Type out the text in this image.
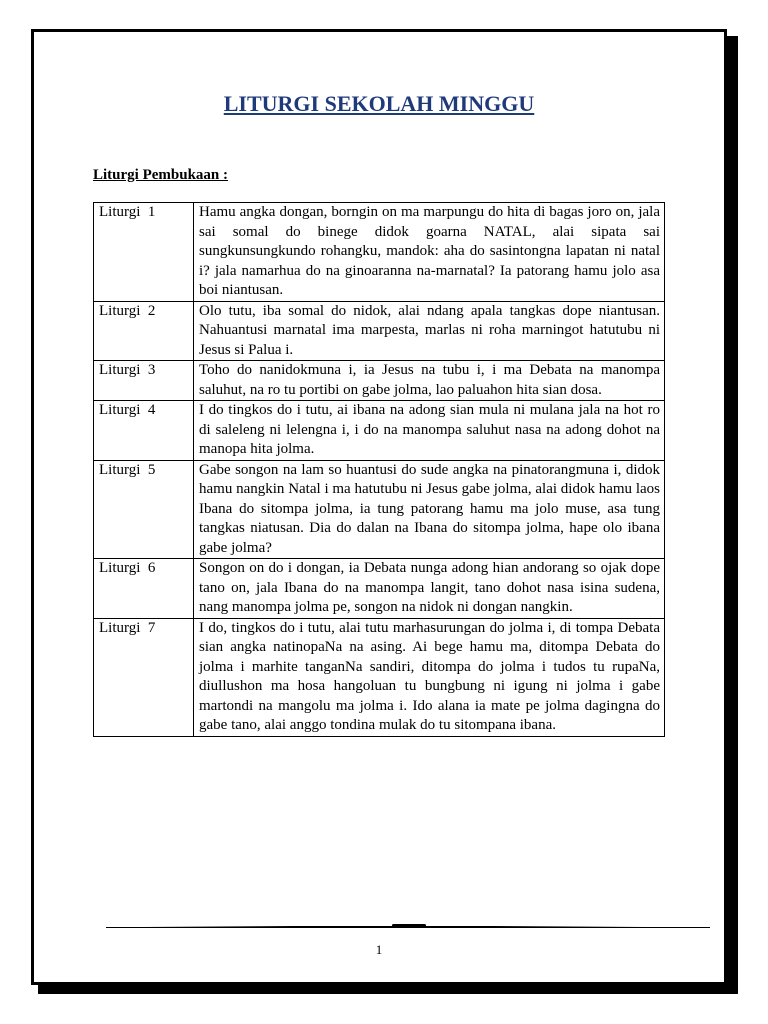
LITURGI SEKOLAH MINGGU
Liturgi Pembukaan :
Liturgi  1	Hamu angka dongan, borngin on ma marpungu do hita di bagas joro on, jala sai somal do binege didok goarna NATAL, alai sipata sai sungkunsungkundo rohangku, mandok: aha do sasintongna lapatan ni natal i? jala namarhua do na ginoaranna na-marnatal? Ia patorang hamu jolo asa boi niantusan.
Liturgi  2	Olo tutu, iba somal do nidok, alai ndang apala tangkas dope niantusan. Nahuantusi marnatal ima marpesta, marlas ni roha marningot hatutubu ni Jesus si Palua i.
Liturgi  3	Toho do nanidokmuna i, ia Jesus na tubu i, i ma Debata na manompa saluhut, na ro tu portibi on gabe jolma, lao paluahon hita sian dosa.
Liturgi  4	I do tingkos do i tutu, ai ibana na adong sian mula ni mulana jala na hot ro di saleleng ni lelengna i, i do na manompa saluhut nasa na adong dohot na manopa hita jolma.
Liturgi  5	Gabe songon na lam so huantusi do sude angka na pinatorangmuna i, didok hamu nangkin Natal i ma hatutubu ni Jesus gabe jolma, alai didok hamu laos Ibana do sitompa jolma, ia tung patorang hamu ma jolo muse, asa tung tangkas niatusan. Dia do dalan na Ibana do sitompa jolma, hape olo ibana gabe jolma?
Liturgi  6	Songon on do i dongan, ia Debata nunga adong hian andorang so ojak dope tano on, jala Ibana do na manompa langit, tano dohot nasa isina sudena, nang manompa jolma pe, songon na nidok ni dongan nangkin.
Liturgi  7	I do, tingkos do i tutu, alai tutu marhasurungan do jolma i, di tompa Debata sian angka natinopaNa na asing. Ai bege hamu ma, ditompa Debata do jolma i marhite tanganNa sandiri, ditompa do jolma i tudos tu rupaNa, diullushon ma hosa hangoluan tu bungbung ni igung ni jolma i gabe martondi na mangolu ma jolma i. Ido alana ia mate pe jolma dagingna do gabe tano, alai anggo tondina mulak do tu sitompana ibana.
1
